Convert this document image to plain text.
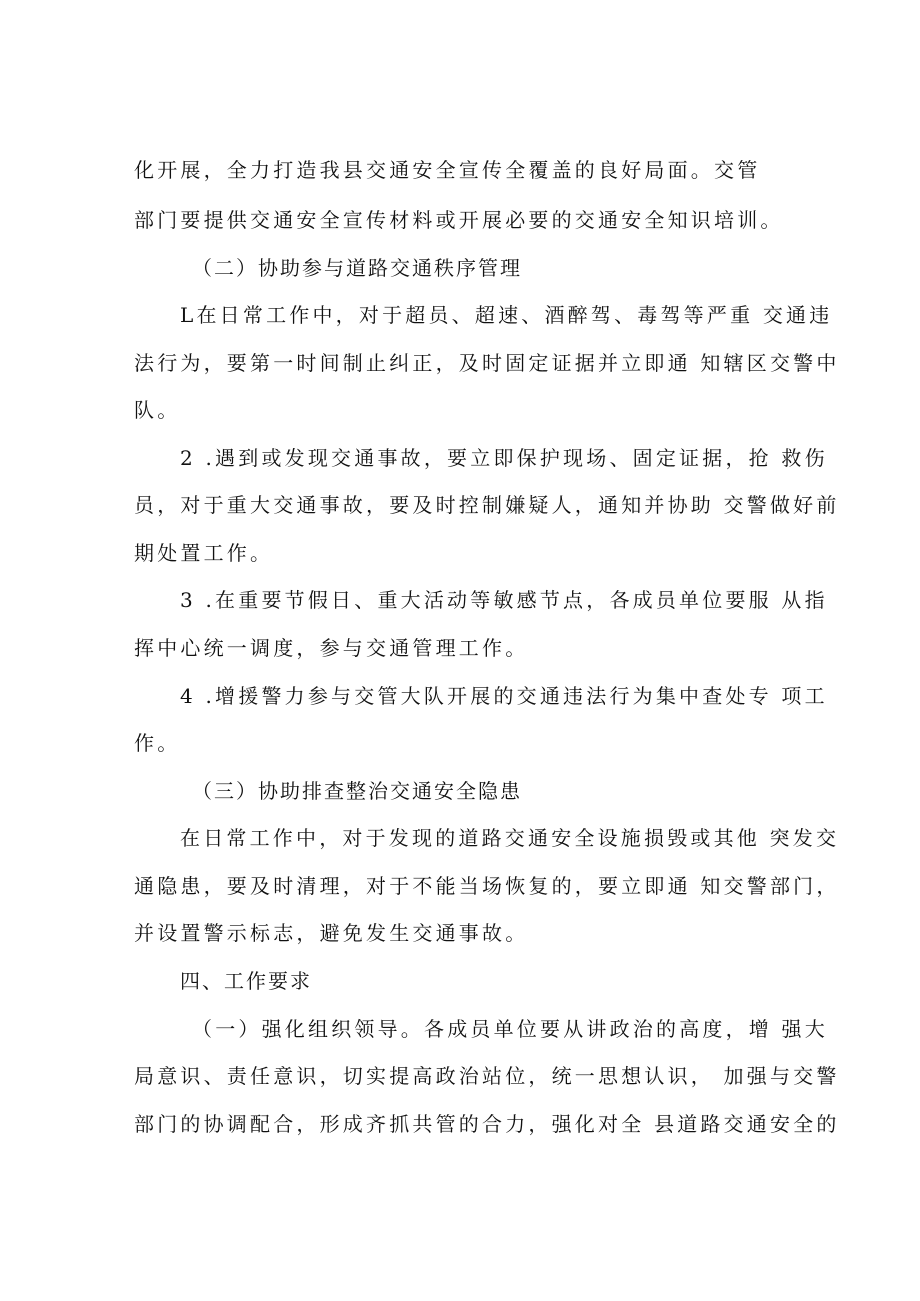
化开展，全力打造我县交通安全宣传全覆盖的良好局面。交管
部门要提供交通安全宣传材料或开展必要的交通安全知识培训。
（二）协助参与道路交通秩序管理
L在日常工作中，对于超员、超速、酒醉驾、毒驾等严重 交通违
法行为，要第一时间制止纠正，及时固定证据并立即通 知辖区交警中
队。
2 .遇到或发现交通事故，要立即保护现场、固定证据，抢 救伤
员，对于重大交通事故，要及时控制嫌疑人，通知并协助 交警做好前
期处置工作。
3 .在重要节假日、重大活动等敏感节点，各成员单位要服 从指
挥中心统一调度，参与交通管理工作。
4 .增援警力参与交管大队开展的交通违法行为集中查处专 项工
作。
（三）协助排查整治交通安全隐患
在日常工作中，对于发现的道路交通安全设施损毁或其他 突发交
通隐患，要及时清理，对于不能当场恢复的，要立即通 知交警部门，
并设置警示标志，避免发生交通事故。
四、工作要求
（一）强化组织领导。各成员单位要从讲政治的高度，增 强大
局意识、责任意识，切实提高政治站位，统一思想认识， 加强与交警
部门的协调配合，形成齐抓共管的合力，强化对全 县道路交通安全的
